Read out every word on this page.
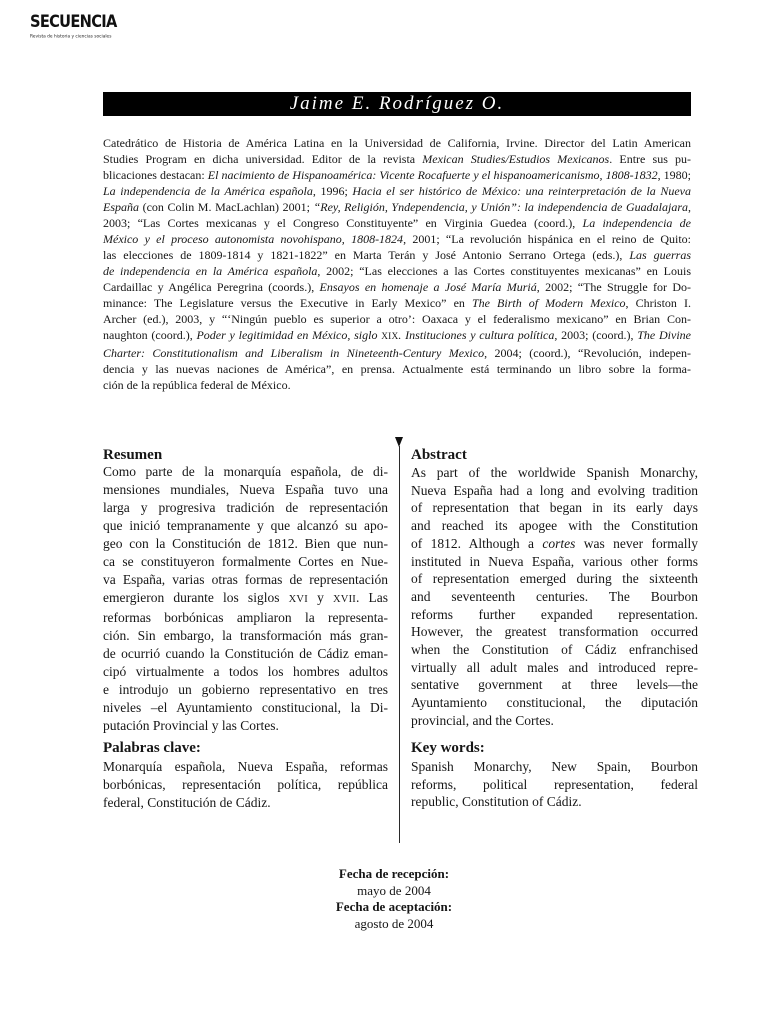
SECUENCIA
Revista de historia y ciencias sociales
Jaime E. Rodríguez O.
Catedrático de Historia de América Latina en la Universidad de California, Irvine. Director del Latin American
Studies Program en dicha universidad. Editor de la revista Mexican Studies/Estudios Mexicanos. Entre sus pu-
blicaciones destacan: El nacimiento de Hispanoamérica: Vicente Rocafuerte y el hispanoamericanismo, 1808-1832, 1980;
La independencia de la América española, 1996; Hacia el ser histórico de México: una reinterpretación de la Nueva
España (con Colin M. MacLachlan) 2001; “Rey, Religión, Yndependencia, y Unión”: la independencia de Guadalajara,
2003; “Las Cortes mexicanas y el Congreso Constituyente” en Virginia Guedea (coord.), La independencia de
México y el proceso autonomista novohispano, 1808-1824, 2001; “La revolución hispánica en el reino de Quito:
las elecciones de 1809-1814 y 1821-1822” en Marta Terán y José Antonio Serrano Ortega (eds.), Las guerras
de independencia en la América española, 2002; “Las elecciones a las Cortes constituyentes mexicanas” en Louis
Cardaillac y Angélica Peregrina (coords.), Ensayos en homenaje a José María Muriá, 2002; “The Struggle for Do-
minance: The Legislature versus the Executive in Early Mexico” en The Birth of Modern Mexico, Christon I.
Archer (ed.), 2003, y “‘Ningún pueblo es superior a otro’: Oaxaca y el federalismo mexicano” en Brian Con-
naughton (coord.), Poder y legitimidad en México, siglo XIX. Instituciones y cultura política, 2003; (coord.), The Divine
Charter: Constitutionalism and Liberalism in Nineteenth-Century Mexico, 2004; (coord.), “Revolución, indepen-
dencia y las nuevas naciones de América”, en prensa. Actualmente está terminando un libro sobre la forma-
ción de la república federal de México.
Resumen
Como parte de la monarquía española, de di-
mensiones mundiales, Nueva España tuvo una
larga y progresiva tradición de representación
que inició tempranamente y que alcanzó su apo-
geo con la Constitución de 1812. Bien que nun-
ca se constituyeron formalmente Cortes en Nue-
va España, varias otras formas de representación
emergieron durante los siglos XVI y XVII. Las
reformas borbónicas ampliaron la representa-
ción. Sin embargo, la transformación más gran-
de ocurrió cuando la Constitución de Cádiz eman-
cipó virtualmente a todos los hombres adultos
e introdujo un gobierno representativo en tres
niveles –el Ayuntamiento constitucional, la Di-
putación Provincial y las Cortes.
Palabras clave:
Monarquía española, Nueva España, reformas
borbónicas, representación política, república
federal, Constitución de Cádiz.
Abstract
As part of the worldwide Spanish Monarchy,
Nueva España had a long and evolving tradition
of representation that began in its early days
and reached its apogee with the Constitution
of 1812. Although a cortes was never formally
instituted in Nueva España, various other forms
of representation emerged during the sixteenth
and seventeenth centuries. The Bourbon
reforms further expanded representation.
However, the greatest transformation occurred
when the Constitution of Cádiz enfranchised
virtually all adult males and introduced repre-
sentative government at three levels—the
Ayuntamiento constitucional, the diputación
provincial, and the Cortes.
Key words:
Spanish Monarchy, New Spain, Bourbon
reforms, political representation, federal
republic, Constitution of Cádiz.
Fecha de recepción:
mayo de 2004
Fecha de aceptación:
agosto de 2004
